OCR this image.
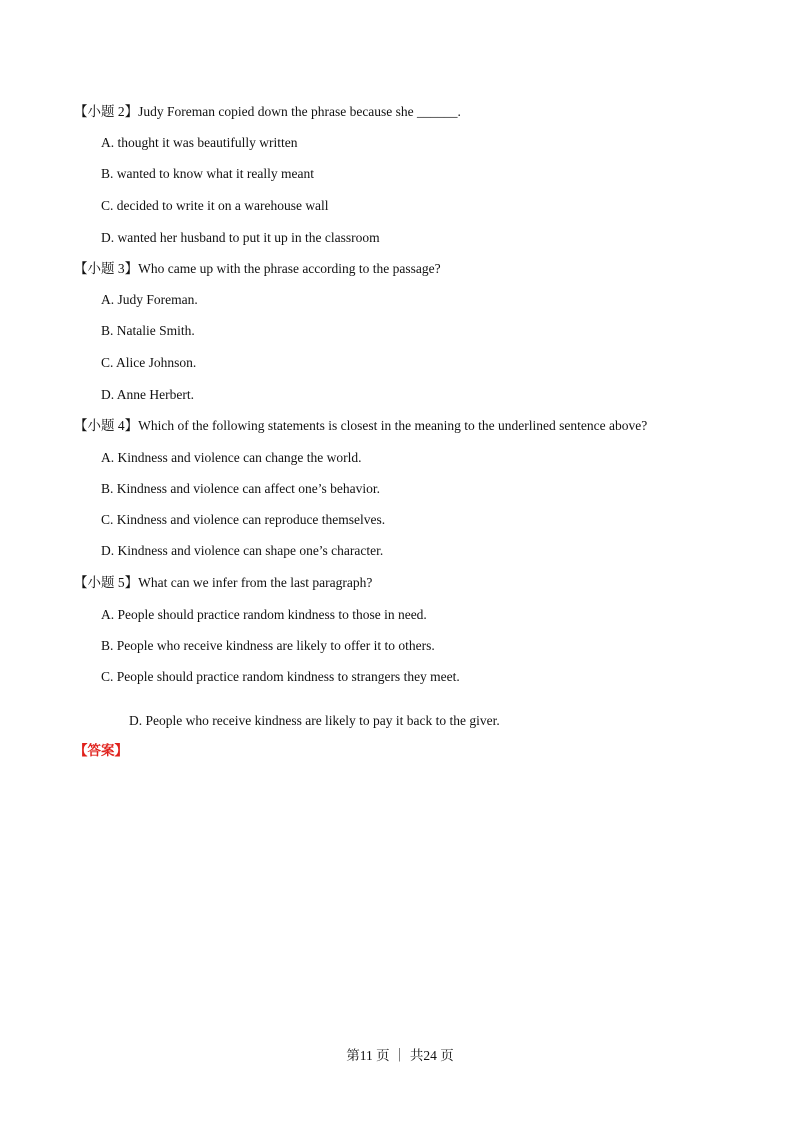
【小题 2】Judy Foreman copied down the phrase because she ______.
A. thought it was beautifully written
B. wanted to know what it really meant
C. decided to write it on a warehouse wall
D. wanted her husband to put it up in the classroom
【小题 3】Who came up with the phrase according to the passage?
A. Judy Foreman.
B. Natalie Smith.
C. Alice Johnson.
D. Anne Herbert.
【小题 4】Which of the following statements is closest in the meaning to the underlined sentence above?
A. Kindness and violence can change the world.
B. Kindness and violence can affect one’s behavior.
C. Kindness and violence can reproduce themselves.
D. Kindness and violence can shape one’s character.
【小题 5】What can we infer from the last paragraph?
A. People should practice random kindness to those in need.
B. People who receive kindness are likely to offer it to others.
C. People should practice random kindness to strangers they meet.
D. People who receive kindness are likely to pay it back to the giver.
【答案】
第11 页 ｜ 共24 页
